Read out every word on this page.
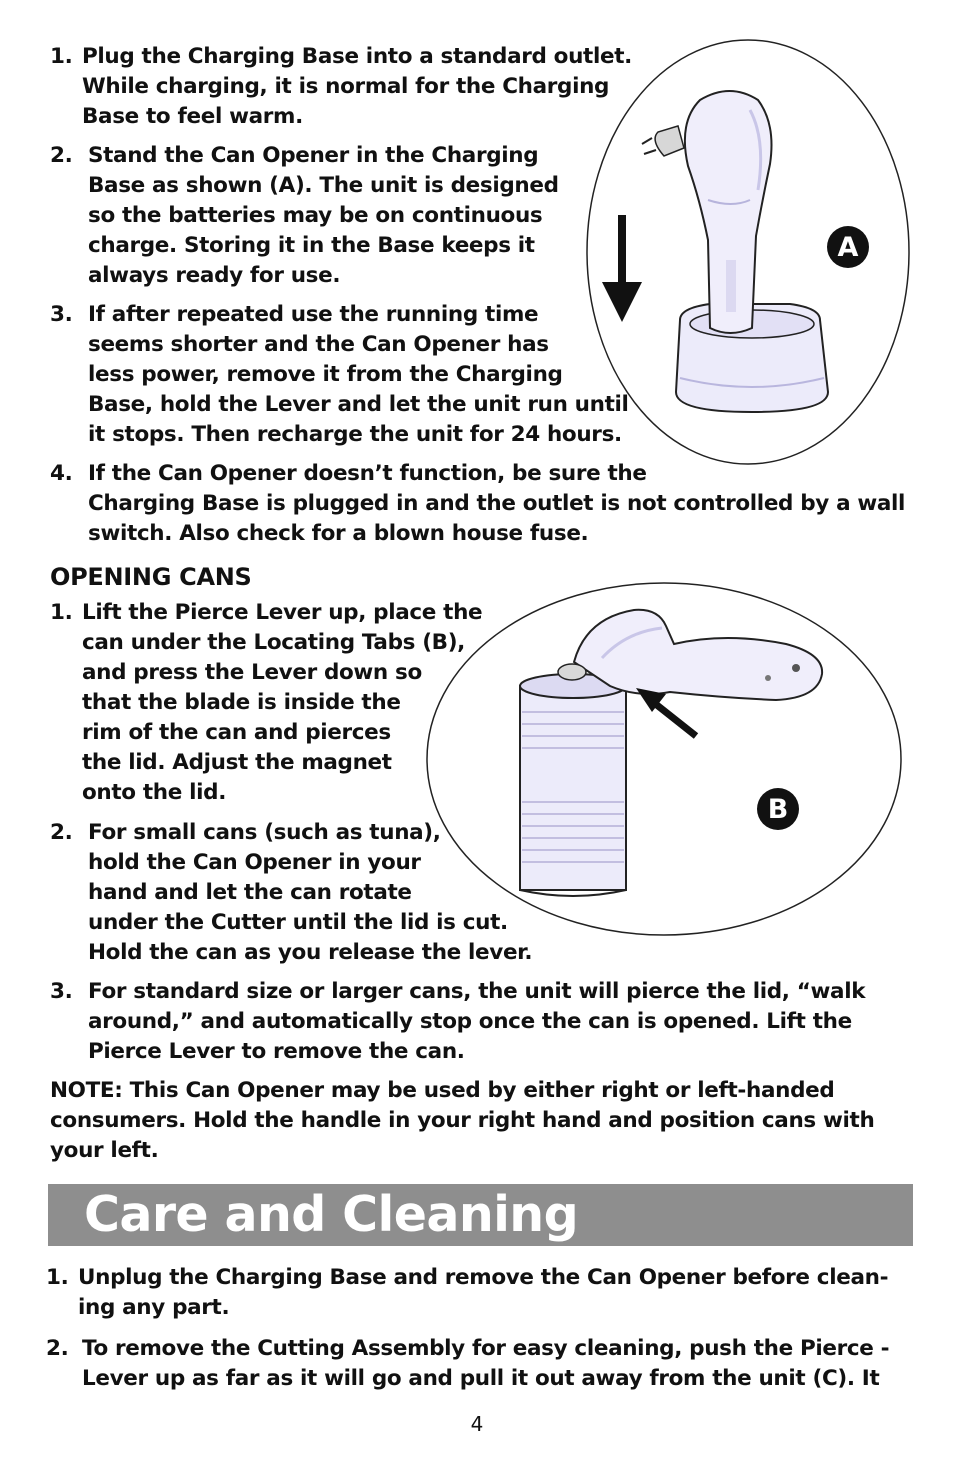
A
B
1. Plug the Charging Base into a standard outlet.
While charging, it is normal for the Charging
Base to feel warm.
2. Stand the Can Opener in the Charging
Base as shown (A). The unit is designed
so the batteries may be on continuous
charge. Storing it in the Base keeps it
always ready for use.
3. If after repeated use the running time
seems shorter and the Can Opener has
less power, remove it from the Charging
Base, hold the Lever and let the unit run until
it stops. Then recharge the unit for 24 hours.
4. If the Can Opener doesn’t function, be sure the
Charging Base is plugged in and the outlet is not controlled by a wall
switch. Also check for a blown house fuse.
OPENING CANS
1. Lift the Pierce Lever up, place the
can under the Locating Tabs (B),
and press the Lever down so
that the blade is inside the
rim of the can and pierces
the lid. Adjust the magnet
onto the lid.
2. For small cans (such as tuna),
hold the Can Opener in your
hand and let the can rotate
under the Cutter until the lid is cut.
Hold the can as you release the lever.
3. For standard size or larger cans, the unit will pierce the lid, “walk
around,” and automatically stop once the can is opened. Lift the
Pierce Lever to remove the can.
NOTE: This Can Opener may be used by either right or left-handed
consumers. Hold the handle in your right hand and position cans with
your left.
Care and Cleaning
1. Unplug the Charging Base and remove the Can Opener before clean-
ing any part.
2. To remove the Cutting Assembly for easy cleaning, push the Pierce -
Lever up as far as it will go and pull it out away from the unit (C). It
4
